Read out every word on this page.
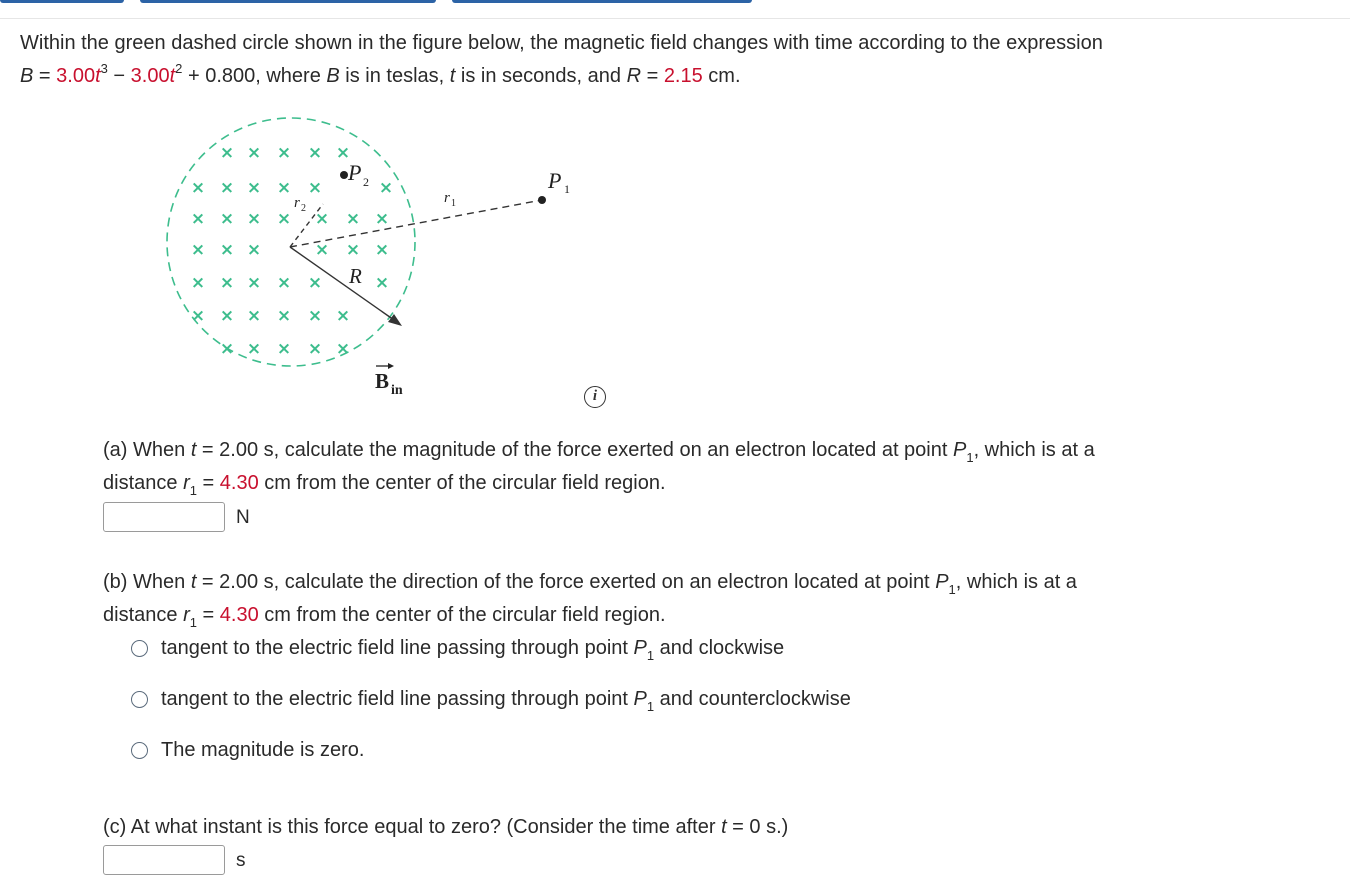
Within the green dashed circle shown in the figure below, the magnetic field changes with time according to the expression
$B = 3.00t^3 - 3.00t^2 + 0.800$, where B is in teslas, t is in seconds, and R = 2.15 cm.
× × × × ×
× × × × ×	×
× × × × × × ×
× × ×	× × ×
× × × × ×	×
× × × × × ×
× × × × ×
P 1
P 2
r 1
r 2
R
B in	i
(a) When t = 2.00 s, calculate the magnitude of the force exerted on an electron located at point $P_1$, which is at a
distance $r_1 = 4.30$ cm from the center of the circular field region.
N
(b) When t = 2.00 s, calculate the direction of the force exerted on an electron located at point $P_1$, which is at a
distance $r_1 = 4.30$ cm from the center of the circular field region.
tangent to the electric field line passing through point $P_1$ and clockwise
tangent to the electric field line passing through point $P_1$ and counterclockwise
The magnitude is zero.
(c) At what instant is this force equal to zero? (Consider the time after t = 0 s.)
s
